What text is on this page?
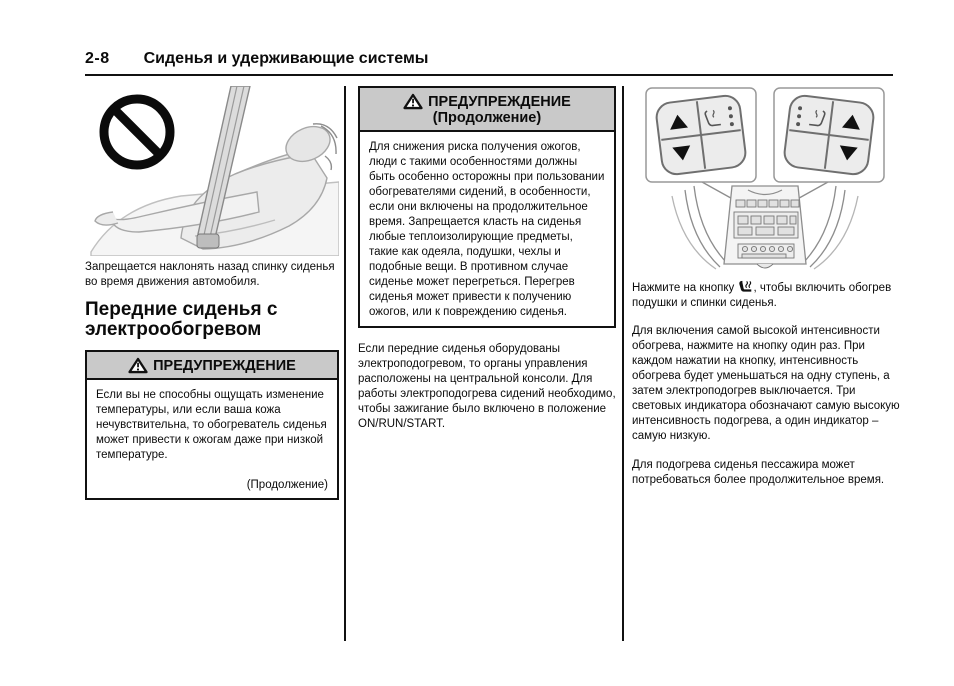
2-8 Сиденья и удерживающие системы

Запрещается наклонять назад спинку сиденья во время движения автомобиля.

Передние сиденья с электрообогревом
ПРЕДУПРЕЖДЕНИЕ

Если вы не способны ощущать изменение температуры, или если ваша кожа нечувствительна, то обогреватель сиденья может привести к ожогам даже при низкой температуре.

(Продолжение)
ПРЕДУПРЕЖДЕНИЕ
(Продолжение)

Для снижения риска получения ожогов, люди с такими особенностями должны быть особенно осторожны при пользовании обогревателями сидений, в особенности, если они включены на продолжительное время. Запрещается класть на сиденья любые теплоизолирующие предметы, такие как одеяла, подушки, чехлы и подобные вещи. В противном случае сиденье может перегреться. Перегрев сиденья может привести к получению ожогов, или к повреждению сиденья.

Если передние сиденья оборудованы электроподогревом, то органы управления расположены на центральной консоли. Для работы электроподогрева сидений необходимо, чтобы зажигание было включено в положение ON/RUN/START.

Нажмите на кнопку , чтобы включить обогрев подушки и спинки сиденья.

Для включения самой высокой интенсивности обогрева, нажмите на кнопку один раз. При каждом нажатии на кнопку, интенсивность обогрева будет уменьшаться на одну ступень, а затем электроподогрев выключается. Три световых индикатора обозначают самую высокую интенсивность подогрева, а один индикатор – самую низкую.

Для подогрева сиденья пессажира может потребоваться более продолжительное время.
